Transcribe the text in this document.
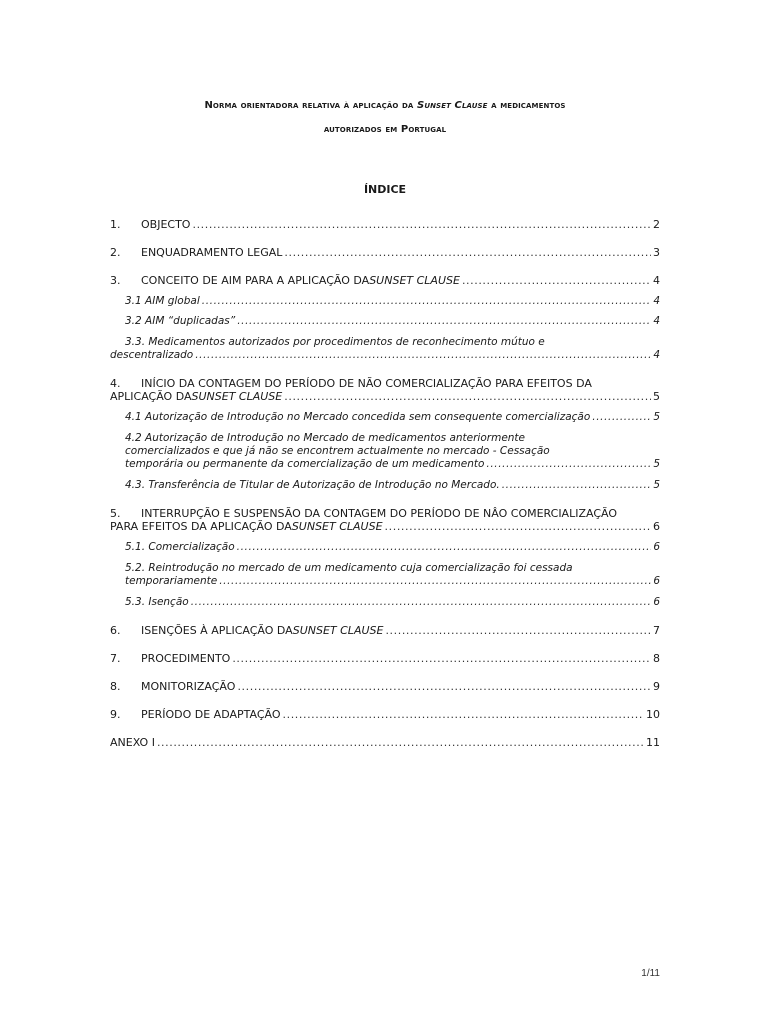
Norma orientadora relativa à aplicação da Sunset Clause a medicamentos
autorizados em Portugal
ÍNDICE
1.	OBJECTO .....	2
2.	ENQUADRAMENTO LEGAL .....	3
3.	CONCEITO DE AIM PARA A APLICAÇÃO DA SUNSET CLAUSE .....	4
3.1 AIM global .....	4
3.2 AIM “duplicadas” .....	4
3.3. Medicamentos autorizados por procedimentos de reconhecimento mútuo e
descentralizado .....	4
4. INÍCIO DA CONTAGEM DO PERÍODO DE NÃO COMERCIALIZAÇÃO PARA EFEITOS DA
APLICAÇÃO DA SUNSET CLAUSE .....	5
4.1 Autorização de Introdução no Mercado concedida sem consequente comercialização .....	5
4.2 Autorização de Introdução no Mercado de medicamentos anteriormente
comercializados e que já não se encontrem actualmente no mercado - Cessação
temporária ou permanente da comercialização de um medicamento .....	5
4.3. Transferência de Titular de Autorização de Introdução no Mercado. .....	5
5. INTERRUPÇÃO E SUSPENSÃO DA CONTAGEM DO PERÍODO DE NÂO COMERCIALIZAÇÃO
PARA EFEITOS DA APLICAÇÃO DA SUNSET CLAUSE .....	6
5.1. Comercialização .....	6
5.2. Reintrodução no mercado de um medicamento cuja comercialização foi cessada
temporariamente .....	6
5.3. Isenção .....	6
6.	ISENÇÕES À APLICAÇÃO DA SUNSET CLAUSE .....	7
7.	PROCEDIMENTO .....	8
8.	MONITORIZAÇÃO .....	9
9.	PERÍODO DE ADAPTAÇÃO .....	10
ANEXO I .....	11
1/11
